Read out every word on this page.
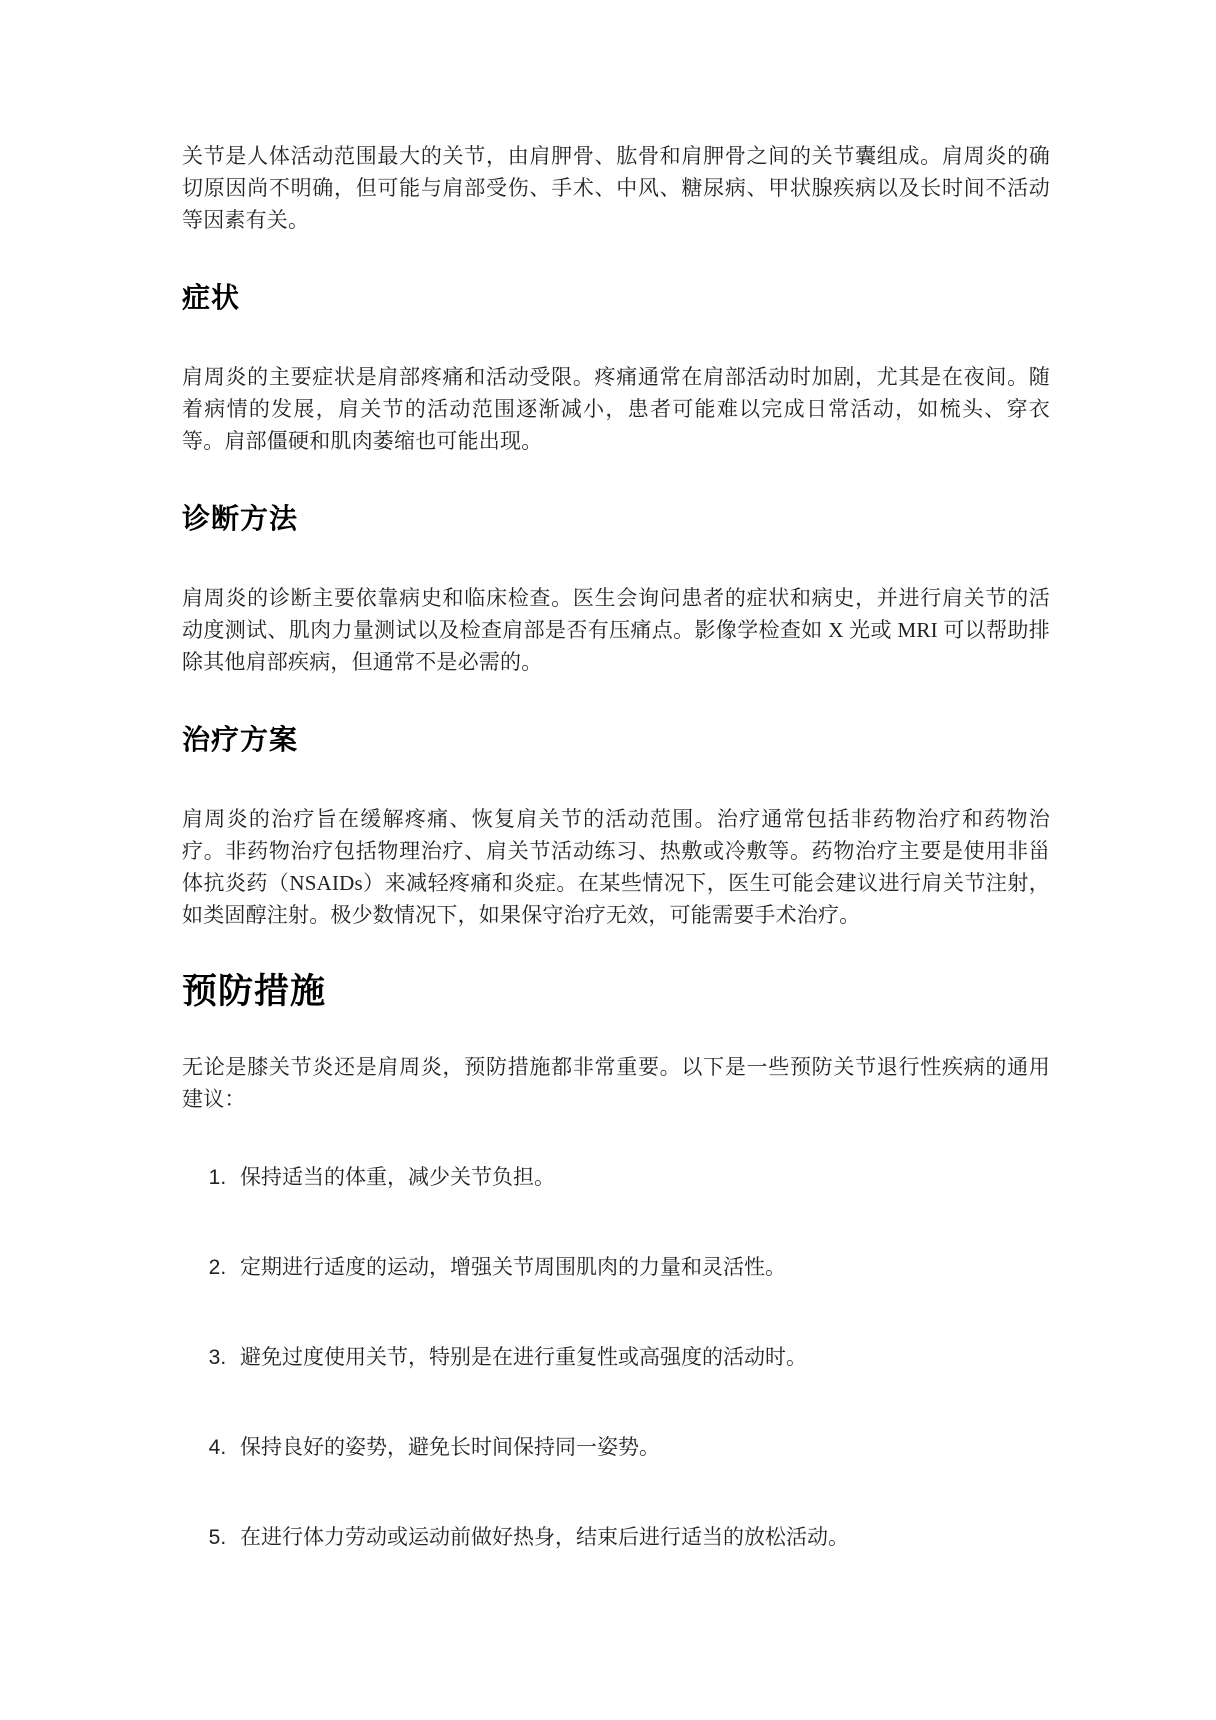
关节是人体活动范围最大的关节，由肩胛骨、肱骨和肩胛骨之间的关节囊组成。肩周炎的确切原因尚不明确，但可能与肩部受伤、手术、中风、糖尿病、甲状腺疾病以及长时间不活动等因素有关。

症状

肩周炎的主要症状是肩部疼痛和活动受限。疼痛通常在肩部活动时加剧，尤其是在夜间。随着病情的发展，肩关节的活动范围逐渐减小，患者可能难以完成日常活动，如梳头、穿衣等。肩部僵硬和肌肉萎缩也可能出现。

诊断方法

肩周炎的诊断主要依靠病史和临床检查。医生会询问患者的症状和病史，并进行肩关节的活动度测试、肌肉力量测试以及检查肩部是否有压痛点。影像学检查如 X 光或 MRI 可以帮助排除其他肩部疾病，但通常不是必需的。

治疗方案

肩周炎的治疗旨在缓解疼痛、恢复肩关节的活动范围。治疗通常包括非药物治疗和药物治疗。非药物治疗包括物理治疗、肩关节活动练习、热敷或冷敷等。药物治疗主要是使用非甾体抗炎药（NSAIDs）来减轻疼痛和炎症。在某些情况下，医生可能会建议进行肩关节注射，如类固醇注射。极少数情况下，如果保守治疗无效，可能需要手术治疗。

预防措施

无论是膝关节炎还是肩周炎，预防措施都非常重要。以下是一些预防关节退行性疾病的通用建议：

1. 保持适当的体重，减少关节负担。
2. 定期进行适度的运动，增强关节周围肌肉的力量和灵活性。
3. 避免过度使用关节，特别是在进行重复性或高强度的活动时。
4. 保持良好的姿势，避免长时间保持同一姿势。
5. 在进行体力劳动或运动前做好热身，结束后进行适当的放松活动。
